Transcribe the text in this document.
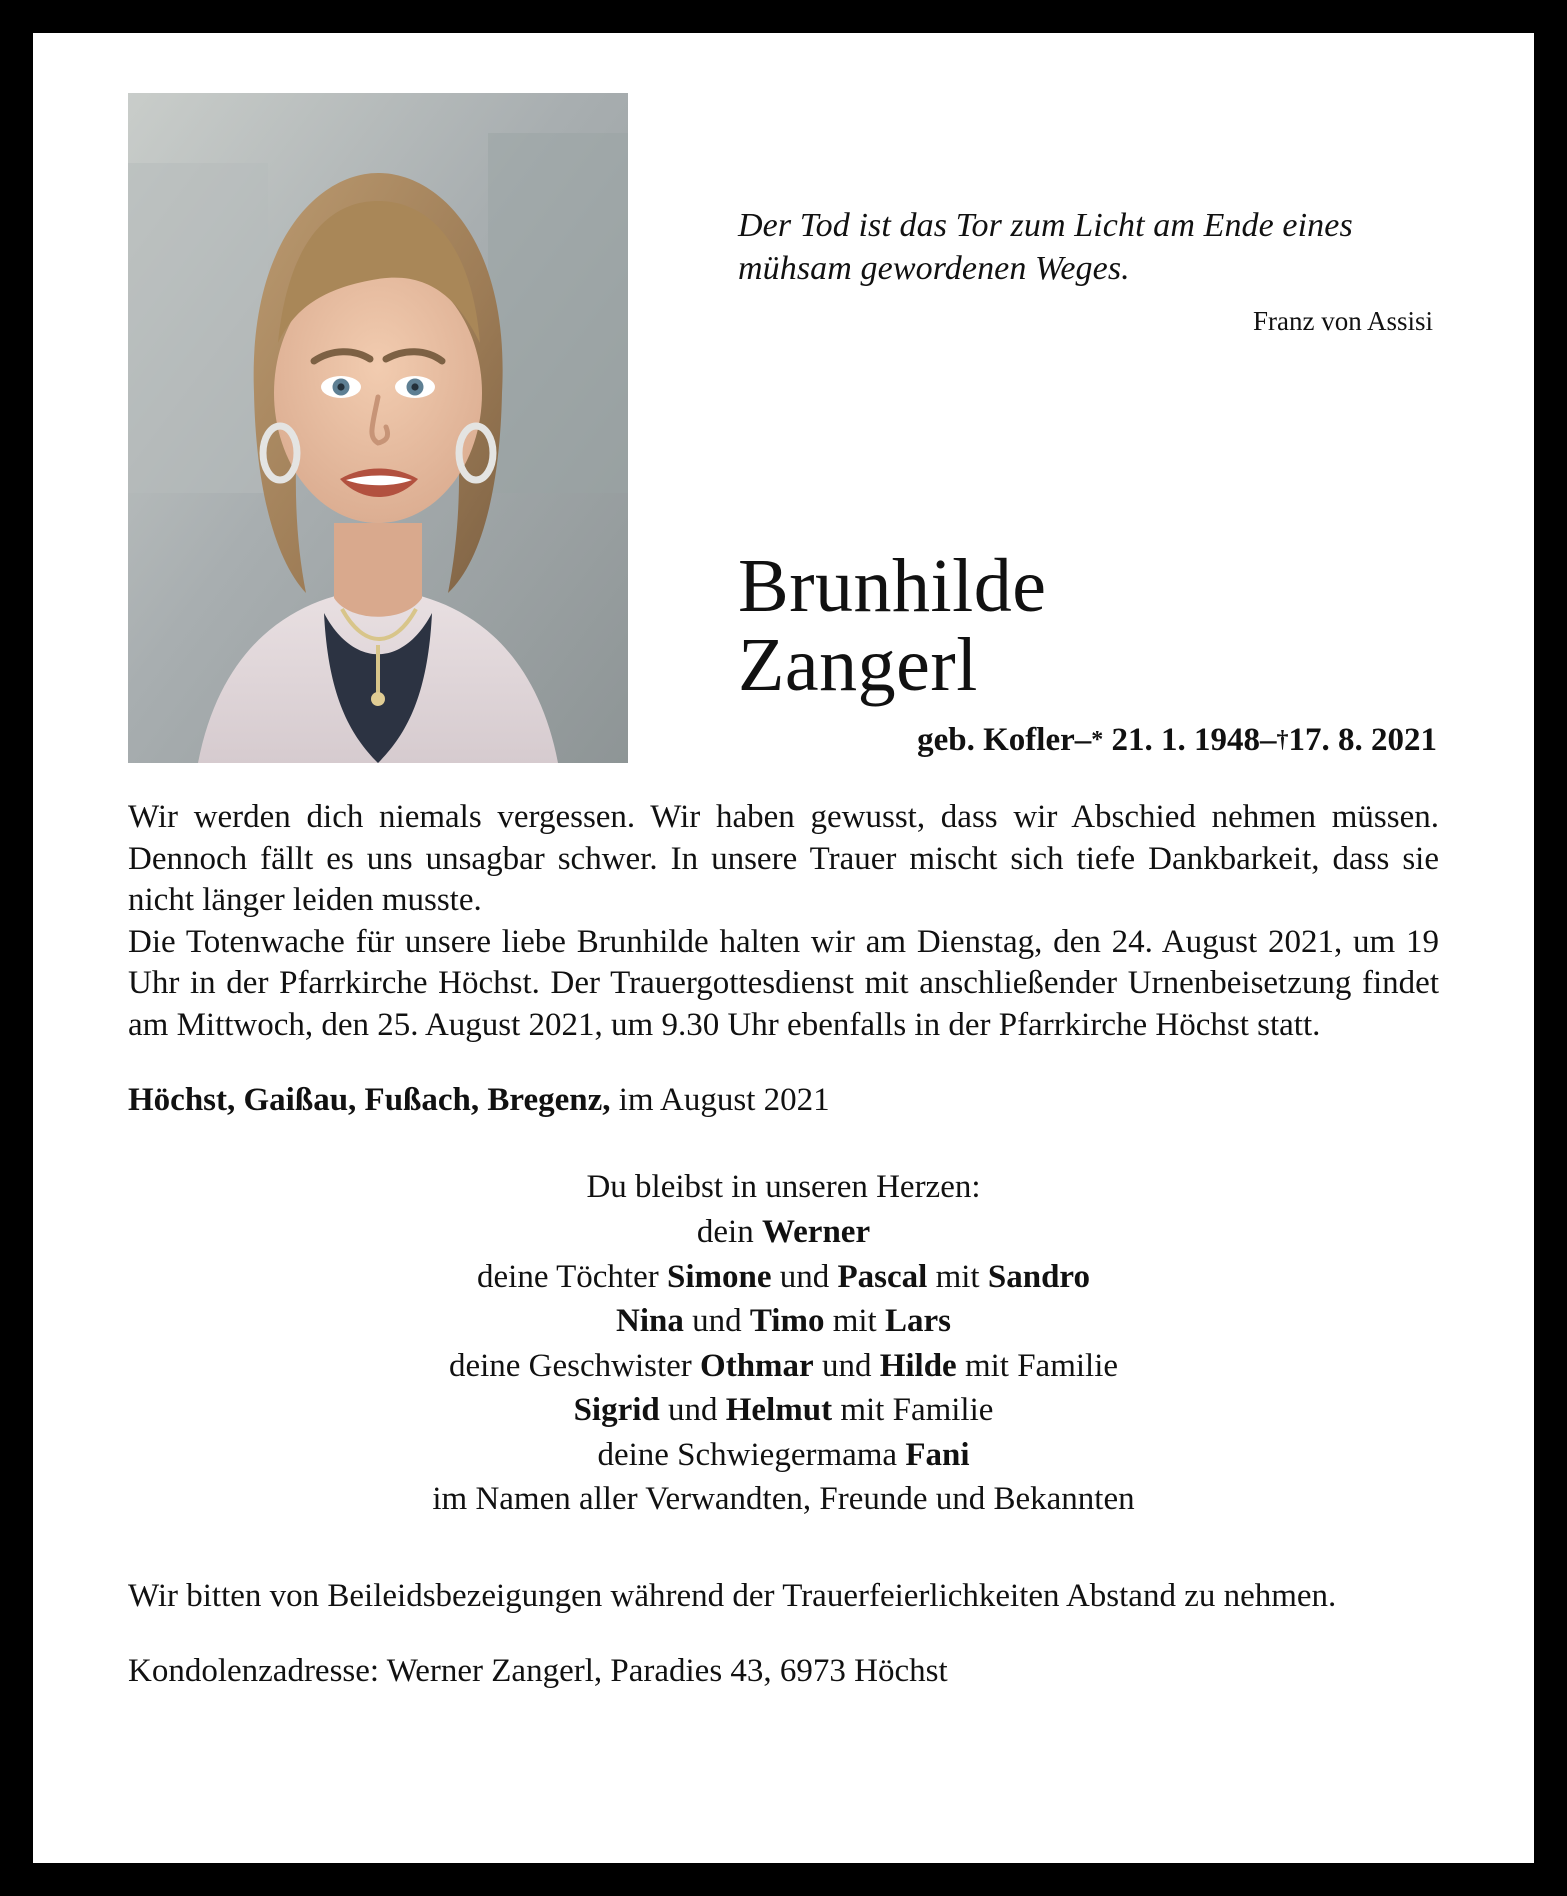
Der Tod ist das Tor zum Licht am Ende eines mühsam gewordenen Weges.
Franz von Assisi
Brunhilde
Zangerl
geb. Kofler–* 21. 1. 1948–†17. 8. 2021

Wir werden dich niemals vergessen. Wir haben gewusst, dass wir Abschied nehmen müssen. Dennoch fällt es uns unsagbar schwer. In unsere Trauer mischt sich tiefe Dankbarkeit, dass sie nicht länger leiden musste.

Die Totenwache für unsere liebe Brunhilde halten wir am Dienstag, den 24. August 2021, um 19 Uhr in der Pfarrkirche Höchst. Der Trauergottesdienst mit anschließender Urnenbeisetzung findet am Mittwoch, den 25. August 2021, um 9.30 Uhr ebenfalls in der Pfarrkirche Höchst statt.

Höchst, Gaißau, Fußach, Bregenz, im August 2021
Du bleibst in unseren Herzen:
dein Werner
deine Töchter Simone und Pascal mit Sandro
Nina und Timo mit Lars
deine Geschwister Othmar und Hilde mit Familie
Sigrid und Helmut mit Familie
deine Schwiegermama Fani
im Namen aller Verwandten, Freunde und Bekannten
Wir bitten von Beileidsbezeigungen während der Trauerfeierlichkeiten Abstand zu nehmen.
Kondolenzadresse: Werner Zangerl, Paradies 43, 6973 Höchst
